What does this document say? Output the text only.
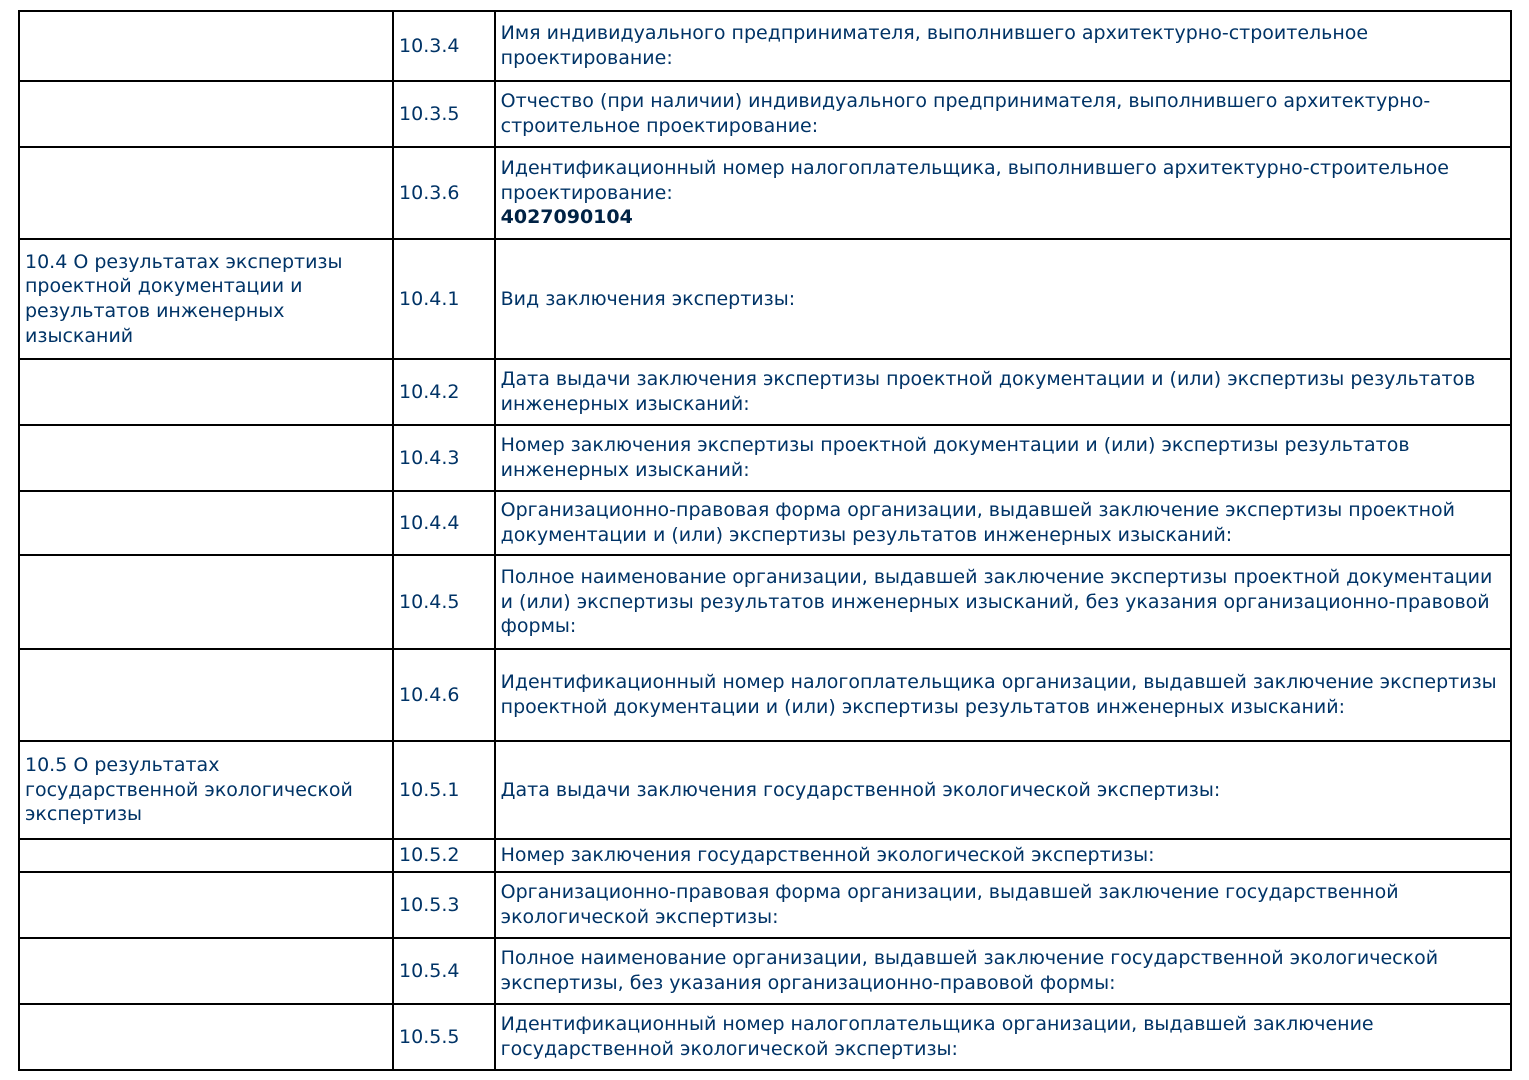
	10.3.4	Имя индивидуального предпринимателя, выполнившего архитектурно-строительное проектирование:
	10.3.5	Отчество (при наличии) индивидуального предпринимателя, выполнившего архитектурно-строительное проектирование:
	10.3.6	Идентификационный номер налогоплательщика, выполнившего архитектурно-строительное проектирование:
4027090104

10.4 О результатах экспертизы проектной документации и результатов инженерных изысканий	10.4.1	Вид заключения экспертизы:
	10.4.2	Дата выдачи заключения экспертизы проектной документации и (или) экспертизы результатов инженерных изысканий:
	10.4.3	Номер заключения экспертизы проектной документации и (или) экспертизы результатов инженерных изысканий:
	10.4.4	Организационно-правовая форма организации, выдавшей заключение экспертизы проектной документации и (или) экспертизы результатов инженерных изысканий:
	10.4.5	Полное наименование организации, выдавшей заключение экспертизы проектной документации и (или) экспертизы результатов инженерных изысканий, без указания организационно-правовой формы:
	10.4.6	Идентификационный номер налогоплательщика организации, выдавшей заключение экспертизы проектной документации и (или) экспертизы результатов инженерных изысканий:
10.5 О результатах государственной экологической экспертизы	10.5.1	Дата выдачи заключения государственной экологической экспертизы:
	10.5.2	Номер заключения государственной экологической экспертизы:
	10.5.3	Организационно-правовая форма организации, выдавшей заключение государственной экологической экспертизы:
	10.5.4	Полное наименование организации, выдавшей заключение государственной экологической экспертизы, без указания организационно-правовой формы:
	10.5.5	Идентификационный номер налогоплательщика организации, выдавшей заключение государственной экологической экспертизы:
